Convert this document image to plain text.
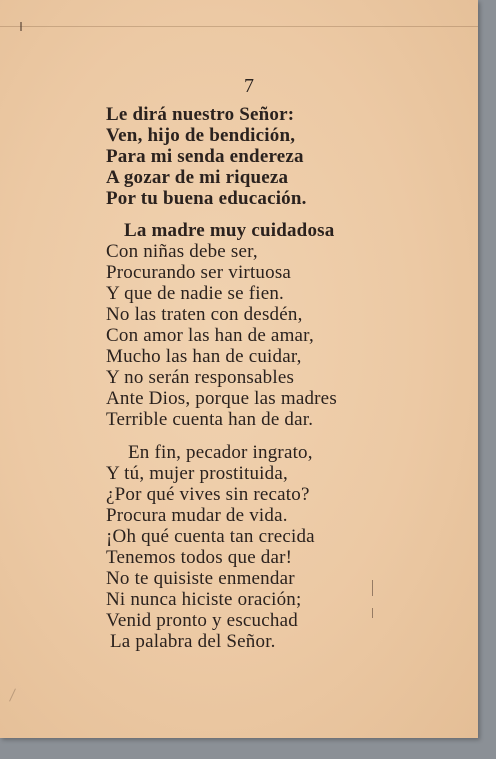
7
Le dirá nuestro Señor:
Ven, hijo de bendición,
Para mi senda endereza
A gozar de mi riqueza
Por tu buena educación.
La madre muy cuidadosa
Con niñas debe ser,
Procurando ser virtuosa
Y que de nadie se fien.
No las traten con desdén,
Con amor las han de amar,
Mucho las han de cuidar,
Y no serán responsables
Ante Dios, porque las madres
Terrible cuenta han de dar.
En fin, pecador ingrato,
Y tú, mujer prostituida,
¿Por qué vives sin recato?
Procura mudar de vida.
¡Oh qué cuenta tan crecida
Tenemos todos que dar!
No te quisiste enmendar
Ni nunca hiciste oración;
Venid pronto y escuchad
La palabra del Señor.
